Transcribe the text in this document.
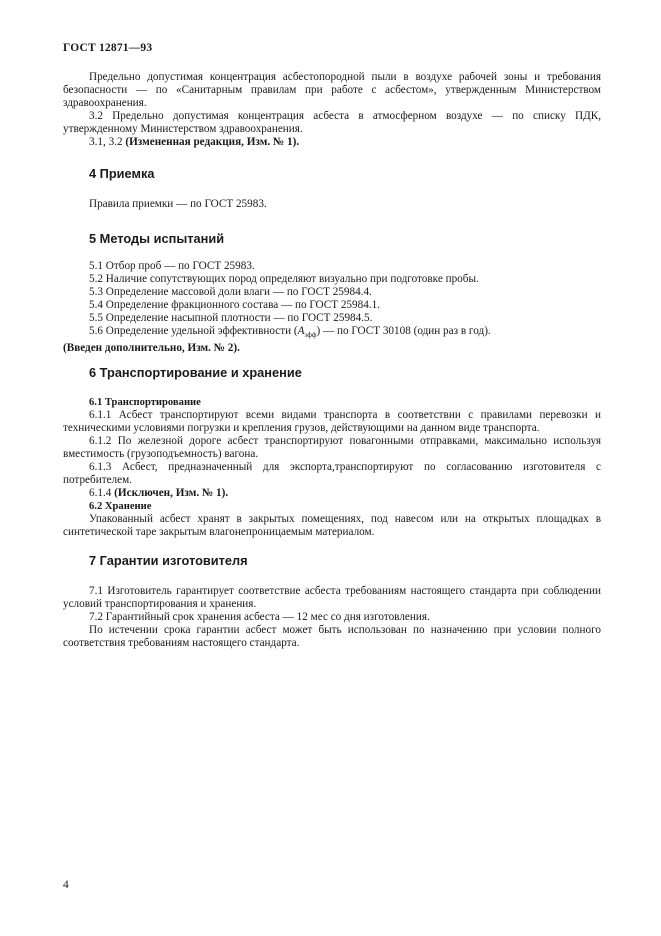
ГОСТ 12871—93

Предельно допустимая концентрация асбестопородной пыли в воздухе рабочей зоны и требования безопасности — по «Санитарным правилам при работе с асбестом», утвержденным Министерством здравоохранения.

3.2 Предельно допустимая концентрация асбеста в атмосферном воздухе — по списку ПДК, утвержденному Министерством здравоохранения.

3.1, 3.2 (Измененная редакция, Изм. № 1).

4 Приемка

Правила приемки — по ГОСТ 25983.

5 Методы испытаний

5.1 Отбор проб — по ГОСТ 25983.

5.2 Наличие сопутствующих пород определяют визуально при подготовке пробы.

5.3 Определение массовой доли влаги — по ГОСТ 25984.4.

5.4 Определение фракционного состава — по ГОСТ 25984.1.

5.5 Определение насыпной плотности — по ГОСТ 25984.5.

5.6 Определение удельной эффективности $(A_{эфф})$ — по ГОСТ 30108 (один раз в год).

(Введен дополнительно, Изм. № 2).

6 Транспортирование и хранение

6.1 Транспортирование

6.1.1 Асбест транспортируют всеми видами транспорта в соответствии с правилами перевозки и техническими условиями погрузки и крепления грузов, действующими на данном виде транспорта.

6.1.2 По железной дороге асбест транспортируют повагонными отправками, максимально используя вместимость (грузоподъемность) вагона.

6.1.3 Асбест, предназначенный для экспорта,транспортируют по согласованию изготовителя с потребителем.

6.1.4 (Исключен, Изм. № 1).

6.2 Хранение

Упакованный асбест хранят в закрытых помещениях, под навесом или на открытых площадках в синтетической таре закрытым влагонепроницаемым материалом.

7 Гарантии изготовителя

7.1 Изготовитель гарантирует соответствие асбеста требованиям настоящего стандарта при соблюдении условий транспортирования и хранения.

7.2 Гарантийный срок хранения асбеста — 12 мес со дня изготовления.

По истечении срока гарантии асбест может быть использован по назначению при условии полного соответствия требованиям настоящего стандарта.

4
